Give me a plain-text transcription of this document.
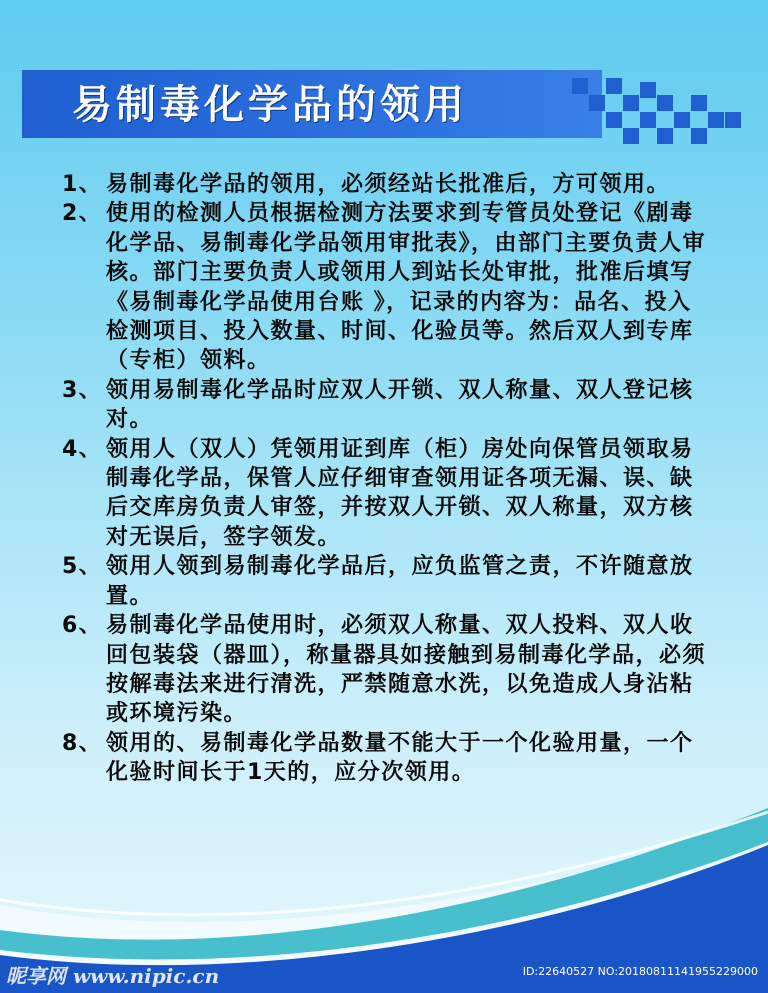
易制毒化学品的领用
1、 易制毒化学品的领用，必须经站长批准后，方可领用。
2、 使用的检测人员根据检测方法要求到专管员处登记《剧毒化学品、易制毒化学品领用审批表》，由部门主要负责人审核。部门主要负责人或领用人到站长处审批，批准后填写《易制毒化学品使用台账 》，记录的内容为：品名、投入检测项目、投入数量、时间、化验员等。然后双人到专库（专柜）领料。
3、 领用易制毒化学品时应双人开锁、双人称量、双人登记核对。
4、 领用人（双人）凭领用证到库（柜）房处向保管员领取易制毒化学品，保管人应仔细审查领用证各项无漏、误、缺后交库房负责人审签，并按双人开锁、双人称量，双方核对无误后，签字领发。
5、 领用人领到易制毒化学品后，应负监管之责，不许随意放置。
6、 易制毒化学品使用时，必须双人称量、双人投料、双人收回包装袋（器皿），称量器具如接触到易制毒化学品，必须按解毒法来进行清洗，严禁随意水洗，以免造成人身沾粘或环境污染。
8、 领用的、易制毒化学品数量不能大于一个化验用量，一个化验时间长于1天的，应分次领用。

昵享网 www.nipic.cn	ID:22640527 NO:20180811141955229000
